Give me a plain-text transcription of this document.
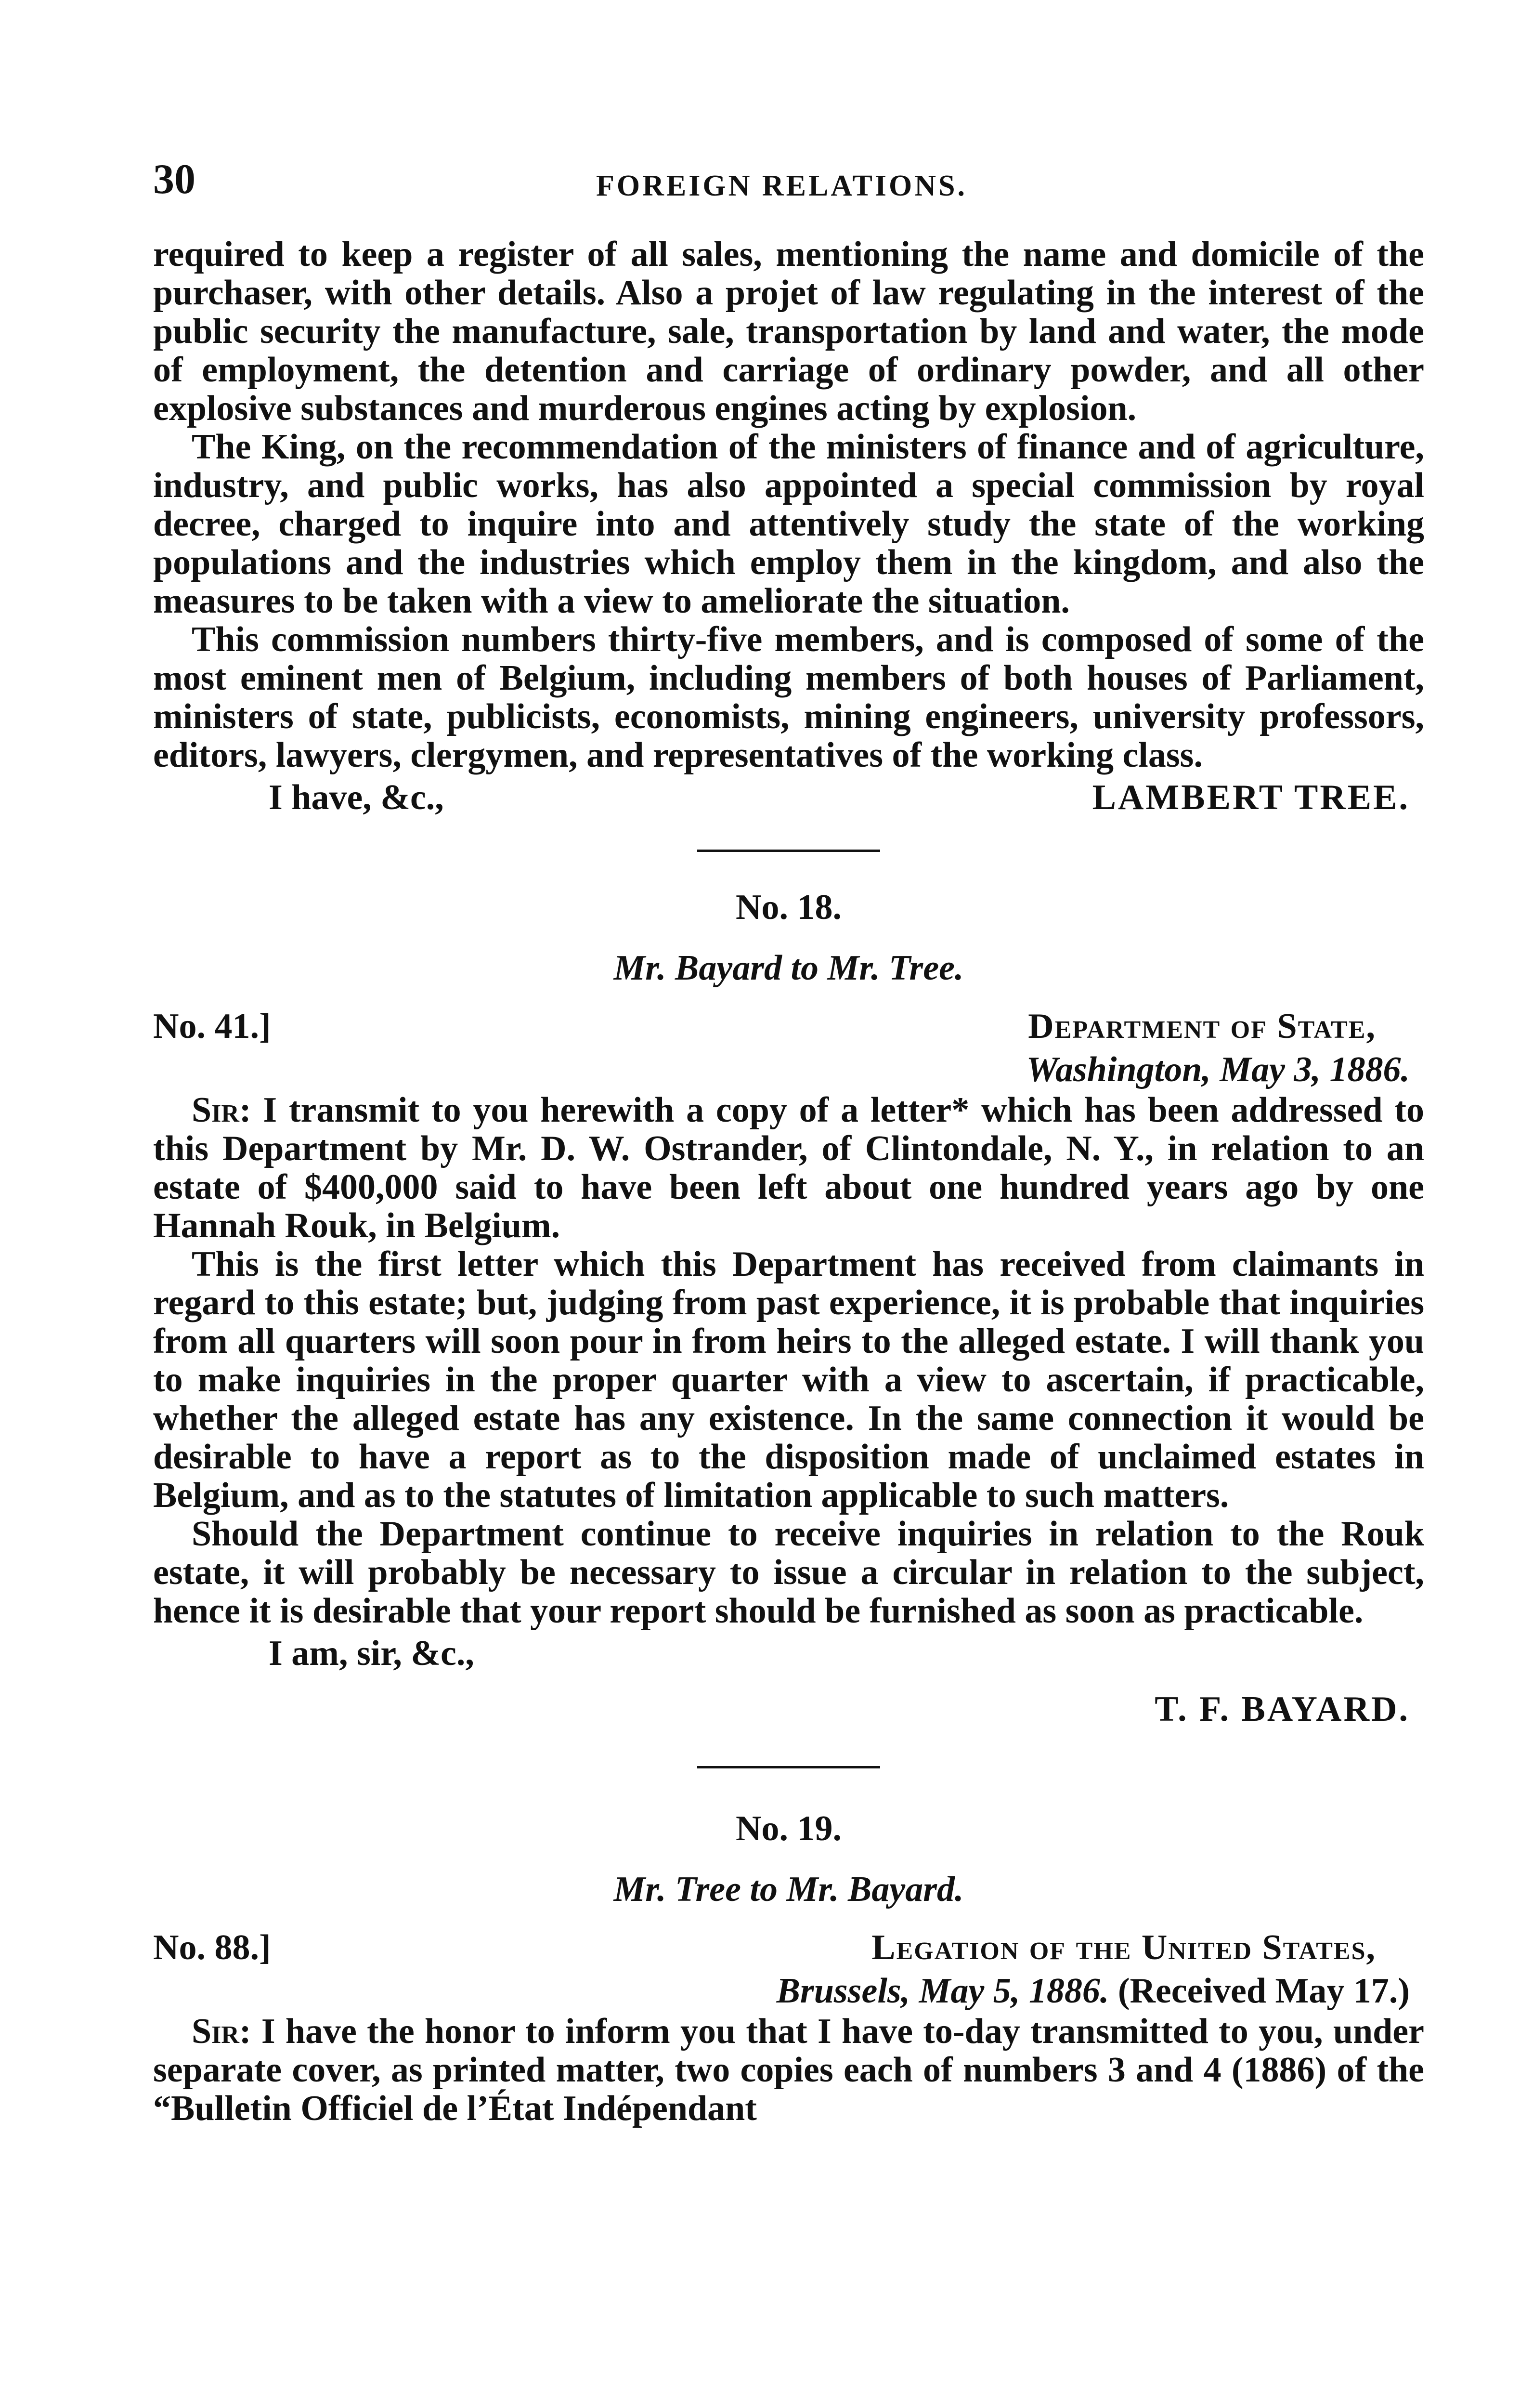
30	FOREIGN RELATIONS.

required to keep a register of all sales, mentioning the name and domicile of the purchaser, with other details. Also a projet of law regulating in the interest of the public security the manufacture, sale, transportation by land and water, the mode of employment, the detention and carriage of ordinary powder, and all other explosive substances and murderous engines acting by explosion.

The King, on the recommendation of the ministers of finance and of agriculture, industry, and public works, has also appointed a special commission by royal decree, charged to inquire into and attentively study the state of the working populations and the industries which employ them in the kingdom, and also the measures to be taken with a view to ameliorate the situation.

This commission numbers thirty-five members, and is composed of some of the most eminent men of Belgium, including members of both houses of Parliament, ministers of state, publicists, economists, mining engineers, university professors, editors, lawyers, clergymen, and representatives of the working class.

I have, &c.,	LAMBERT TREE.
No. 18.
Mr. Bayard to Mr. Tree.
No. 41.]	Department of State,
Washington, May 3, 1886.

Sir: I transmit to you herewith a copy of a letter* which has been addressed to this Department by Mr. D. W. Ostrander, of Clintondale, N. Y., in relation to an estate of $400,000 said to have been left about one hundred years ago by one Hannah Rouk, in Belgium.

This is the first letter which this Department has received from claimants in regard to this estate; but, judging from past experience, it is probable that inquiries from all quarters will soon pour in from heirs to the alleged estate. I will thank you to make inquiries in the proper quarter with a view to ascertain, if practicable, whether the alleged estate has any existence. In the same connection it would be desirable to have a report as to the disposition made of unclaimed estates in Belgium, and as to the statutes of limitation applicable to such matters.

Should the Department continue to receive inquiries in relation to the Rouk estate, it will probably be necessary to issue a circular in relation to the subject, hence it is desirable that your report should be furnished as soon as practicable.

I am, sir, &c.,
T. F. BAYARD.
No. 19.
Mr. Tree to Mr. Bayard.
No. 88.]	Legation of the United States,
Brussels, May 5, 1886. (Received May 17.)

Sir: I have the honor to inform you that I have to-day transmitted to you, under separate cover, as printed matter, two copies each of numbers 3 and 4 (1886) of the “Bulletin Officiel de l’État Indépendant
